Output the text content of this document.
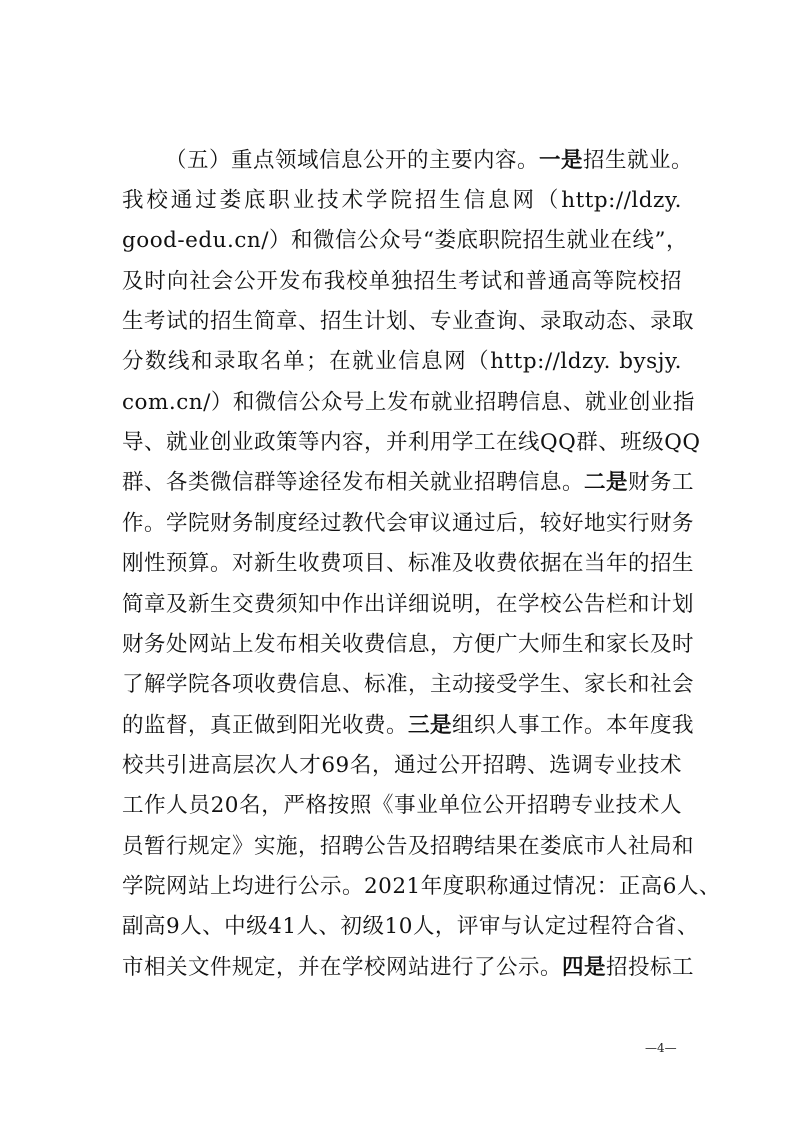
（五）重点领域信息公开的主要内容。一是招生就业。
我校通过娄底职业技术学院招生信息网（http://ldzy.
good-edu.cn/）和微信公众号“娄底职院招生就业在线”，
及时向社会公开发布我校单独招生考试和普通高等院校招
生考试的招生简章、招生计划、专业查询、录取动态、录取
分数线和录取名单；在就业信息网（http://ldzy. bysjy.
com.cn/）和微信公众号上发布就业招聘信息、就业创业指
导、就业创业政策等内容，并利用学工在线QQ群、班级QQ
群、各类微信群等途径发布相关就业招聘信息。二是财务工
作。学院财务制度经过教代会审议通过后，较好地实行财务
刚性预算。对新生收费项目、标准及收费依据在当年的招生
简章及新生交费须知中作出详细说明，在学校公告栏和计划
财务处网站上发布相关收费信息，方便广大师生和家长及时
了解学院各项收费信息、标准，主动接受学生、家长和社会
的监督，真正做到阳光收费。三是组织人事工作。本年度我
校共引进高层次人才69名，通过公开招聘、选调专业技术
工作人员20名，严格按照《事业单位公开招聘专业技术人
员暂行规定》实施，招聘公告及招聘结果在娄底市人社局和
学院网站上均进行公示。2021年度职称通过情况：正高6人、
副高9人、中级41人、初级10人，评审与认定过程符合省、
市相关文件规定，并在学校网站进行了公示。四是招投标工
—4—
